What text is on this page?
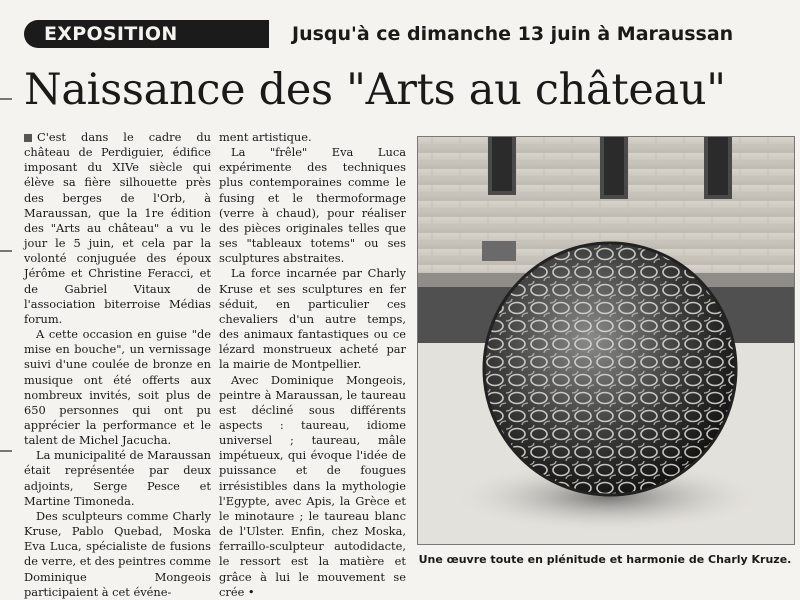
EXPOSITION	Jusqu'à ce dimanche 13 juin à Maraussan
Naissance des "Arts au château"

C'est dans le cadre du château de Perdiguier, édifice imposant du XIVe siècle qui élève sa fière silhouette près des berges de l'Orb, à Maraussan, que la 1re édition des "Arts au château" a vu le jour le 5 juin, et cela par la volonté conjuguée des époux Jérôme et Christine Feracci, et de Gabriel Vitaux de l'association biterroise Médias forum.

A cette occasion en guise "de mise en bouche", un vernissage suivi d'une coulée de bronze en musique ont été offerts aux nombreux invités, soit plus de 650 personnes qui ont pu apprécier la performance et le talent de Michel Jacucha.

La municipalité de Maraussan était représentée par deux adjoints, Serge Pesce et Martine Timoneda.

Des sculpteurs comme Charly Kruse, Pablo Quebad, Moska Eva Luca, spécialiste de fusions de verre, et des peintres comme Dominique Mongeois participaient à cet événe-

ment artistique.

La "frêle" Eva Luca expérimente des techniques plus contemporaines comme le fusing et le thermoformage (verre à chaud), pour réaliser des pièces originales telles que ses "tableaux totems" ou ses sculptures abstraites.

La force incarnée par Charly Kruse et ses sculptures en fer séduit, en particulier ces chevaliers d'un autre temps, des animaux fantastiques ou ce lézard monstrueux acheté par la mairie de Montpellier.

Avec Dominique Mongeois, peintre à Maraussan, le taureau est décliné sous différents aspects : taureau, idiome universel ; taureau, mâle impétueux, qui évoque l'idée de puissance et de fougues irrésistibles dans la mythologie l'Egypte, avec Apis, la Grèce et le minotaure ; le taureau blanc de l'Ulster. Enfin, chez Moska, ferraillo-sculpteur autodidacte, le ressort est la matière et grâce à lui le mouvement se crée •

Une œuvre toute en plénitude et harmonie de Charly Kruze.
